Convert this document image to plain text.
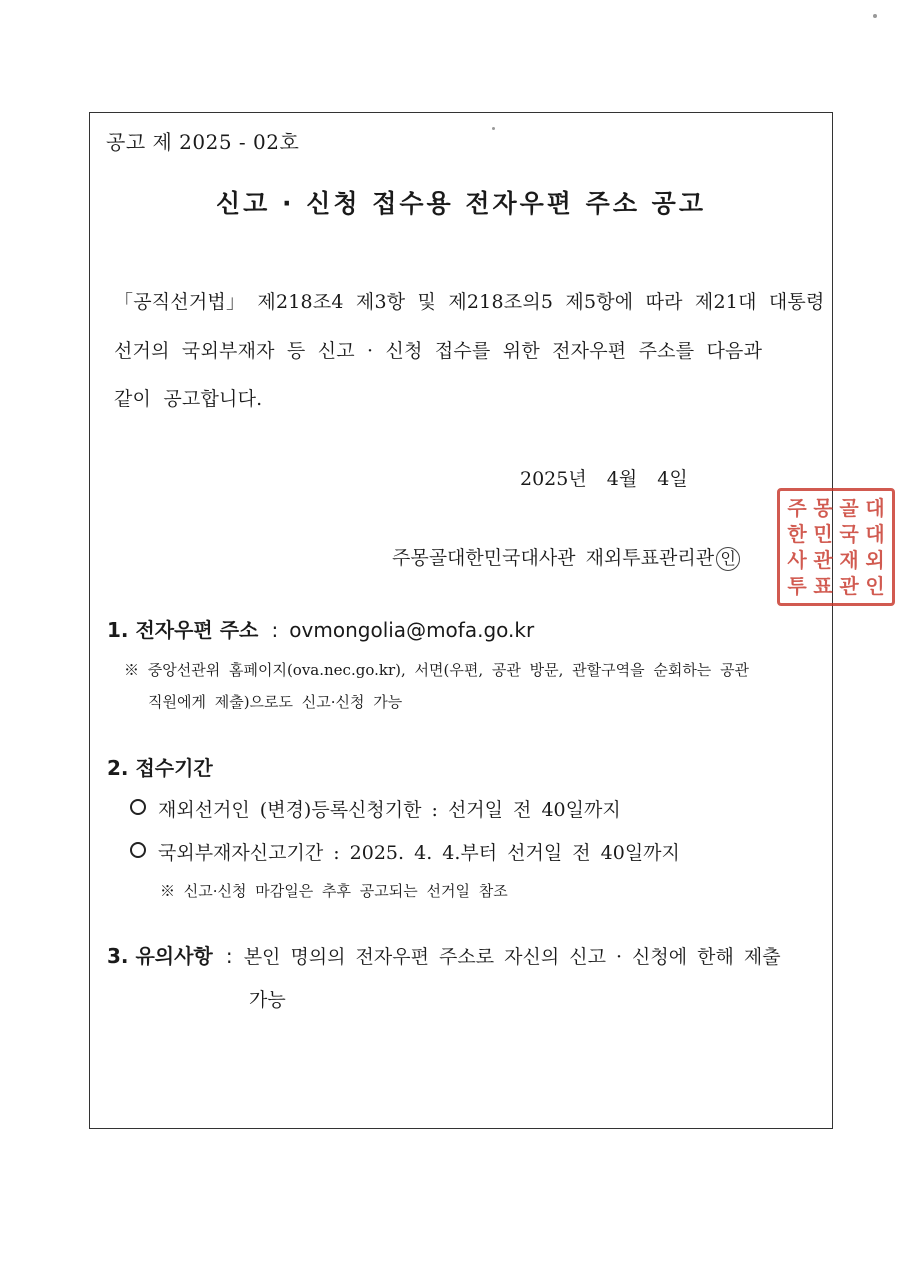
공고 제 2025 - 02호
신고 · 신청 접수용 전자우편 주소 공고
「공직선거법」 제218조4 제3항 및 제218조의5 제5항에 따라 제21대 대통령
선거의 국외부재자 등 신고 · 신청 접수를 위한 전자우편 주소를 다음과
같이 공고합니다.
2025년 4월 4일
주몽골대한민국대사관 재외투표관리관 인
주 몽 골 대
한 민 국 대
사 관 재 외
투 표 관 인
1. 전자우편 주소 : ovmongolia@mofa.go.kr
※ 중앙선관위 홈페이지(ova.nec.go.kr), 서면(우편, 공관 방문, 관할구역을 순회하는 공관
직원에게 제출)으로도 신고·신청 가능
2. 접수기간
재외선거인 (변경)등록신청기한 : 선거일 전 40일까지
국외부재자신고기간 : 2025. 4. 4.부터 선거일 전 40일까지
※ 신고·신청 마감일은 추후 공고되는 선거일 참조
3. 유의사항 : 본인 명의의 전자우편 주소로 자신의 신고 · 신청에 한해 제출
가능
